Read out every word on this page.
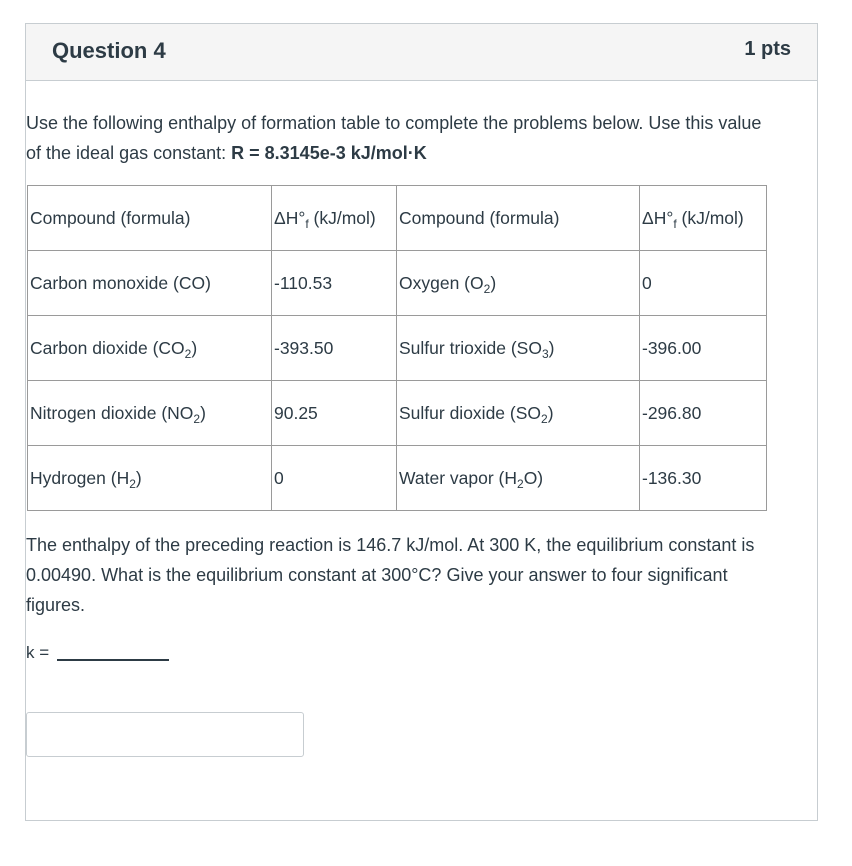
Question 4	1 pts
Use the following enthalpy of formation table to complete the problems below. Use this value of the ideal gas constant: R = 8.3145e-3 kJ/mol·K
Compound (formula)	$\Delta H^\circ_f$ (kJ/mol)	Compound (formula)	$\Delta H^\circ_f$ (kJ/mol)
Carbon monoxide (CO)	-110.53	Oxygen $(O_2)$	0
Carbon dioxide $(CO_2)$	-393.50	Sulfur trioxide $(SO_3)$	-396.00
Nitrogen dioxide $(NO_2)$	90.25	Sulfur dioxide $(SO_2)$	-296.80
Hydrogen $(H_2)$	0	Water vapor $(H_2O)$	-136.30
The enthalpy of the preceding reaction is 146.7 kJ/mol. At 300 K, the equilibrium constant is 0.00490. What is the equilibrium constant at 300°C? Give your answer to four significant figures.
k =
